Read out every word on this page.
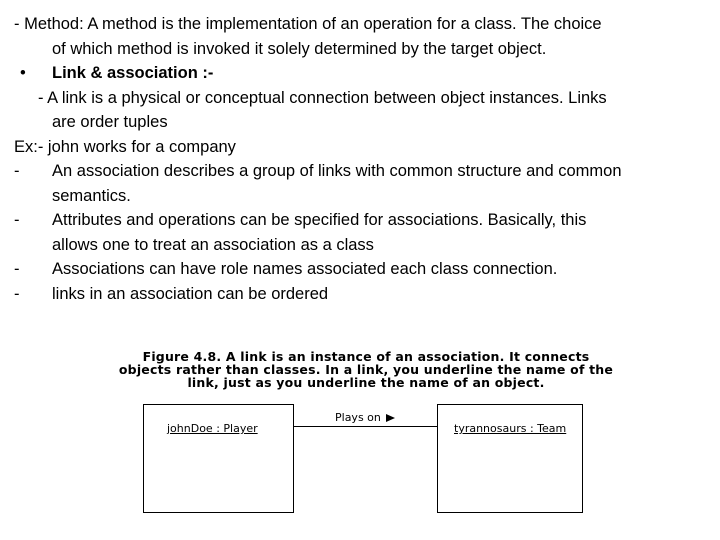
- Method: A method is the implementation of an operation for a class. The choice
of which method is invoked it solely determined by the target object.
•	Link & association :-
- A link is a physical or conceptual connection between object instances. Links
are order tuples
Ex:- john works for a company
-	An association describes a group of links with common structure and common
semantics.
-	Attributes and operations can be specified for associations. Basically, this
allows one to treat an association as a class
-	Associations can have role names associated each class connection.
-	links in an association can be ordered
Figure 4.8. A link is an instance of an association. It connects
objects rather than classes. In a link, you underline the name of the
link, just as you underline the name of an object.
johnDoe : Player
Plays on
tyrannosaurs : Team
